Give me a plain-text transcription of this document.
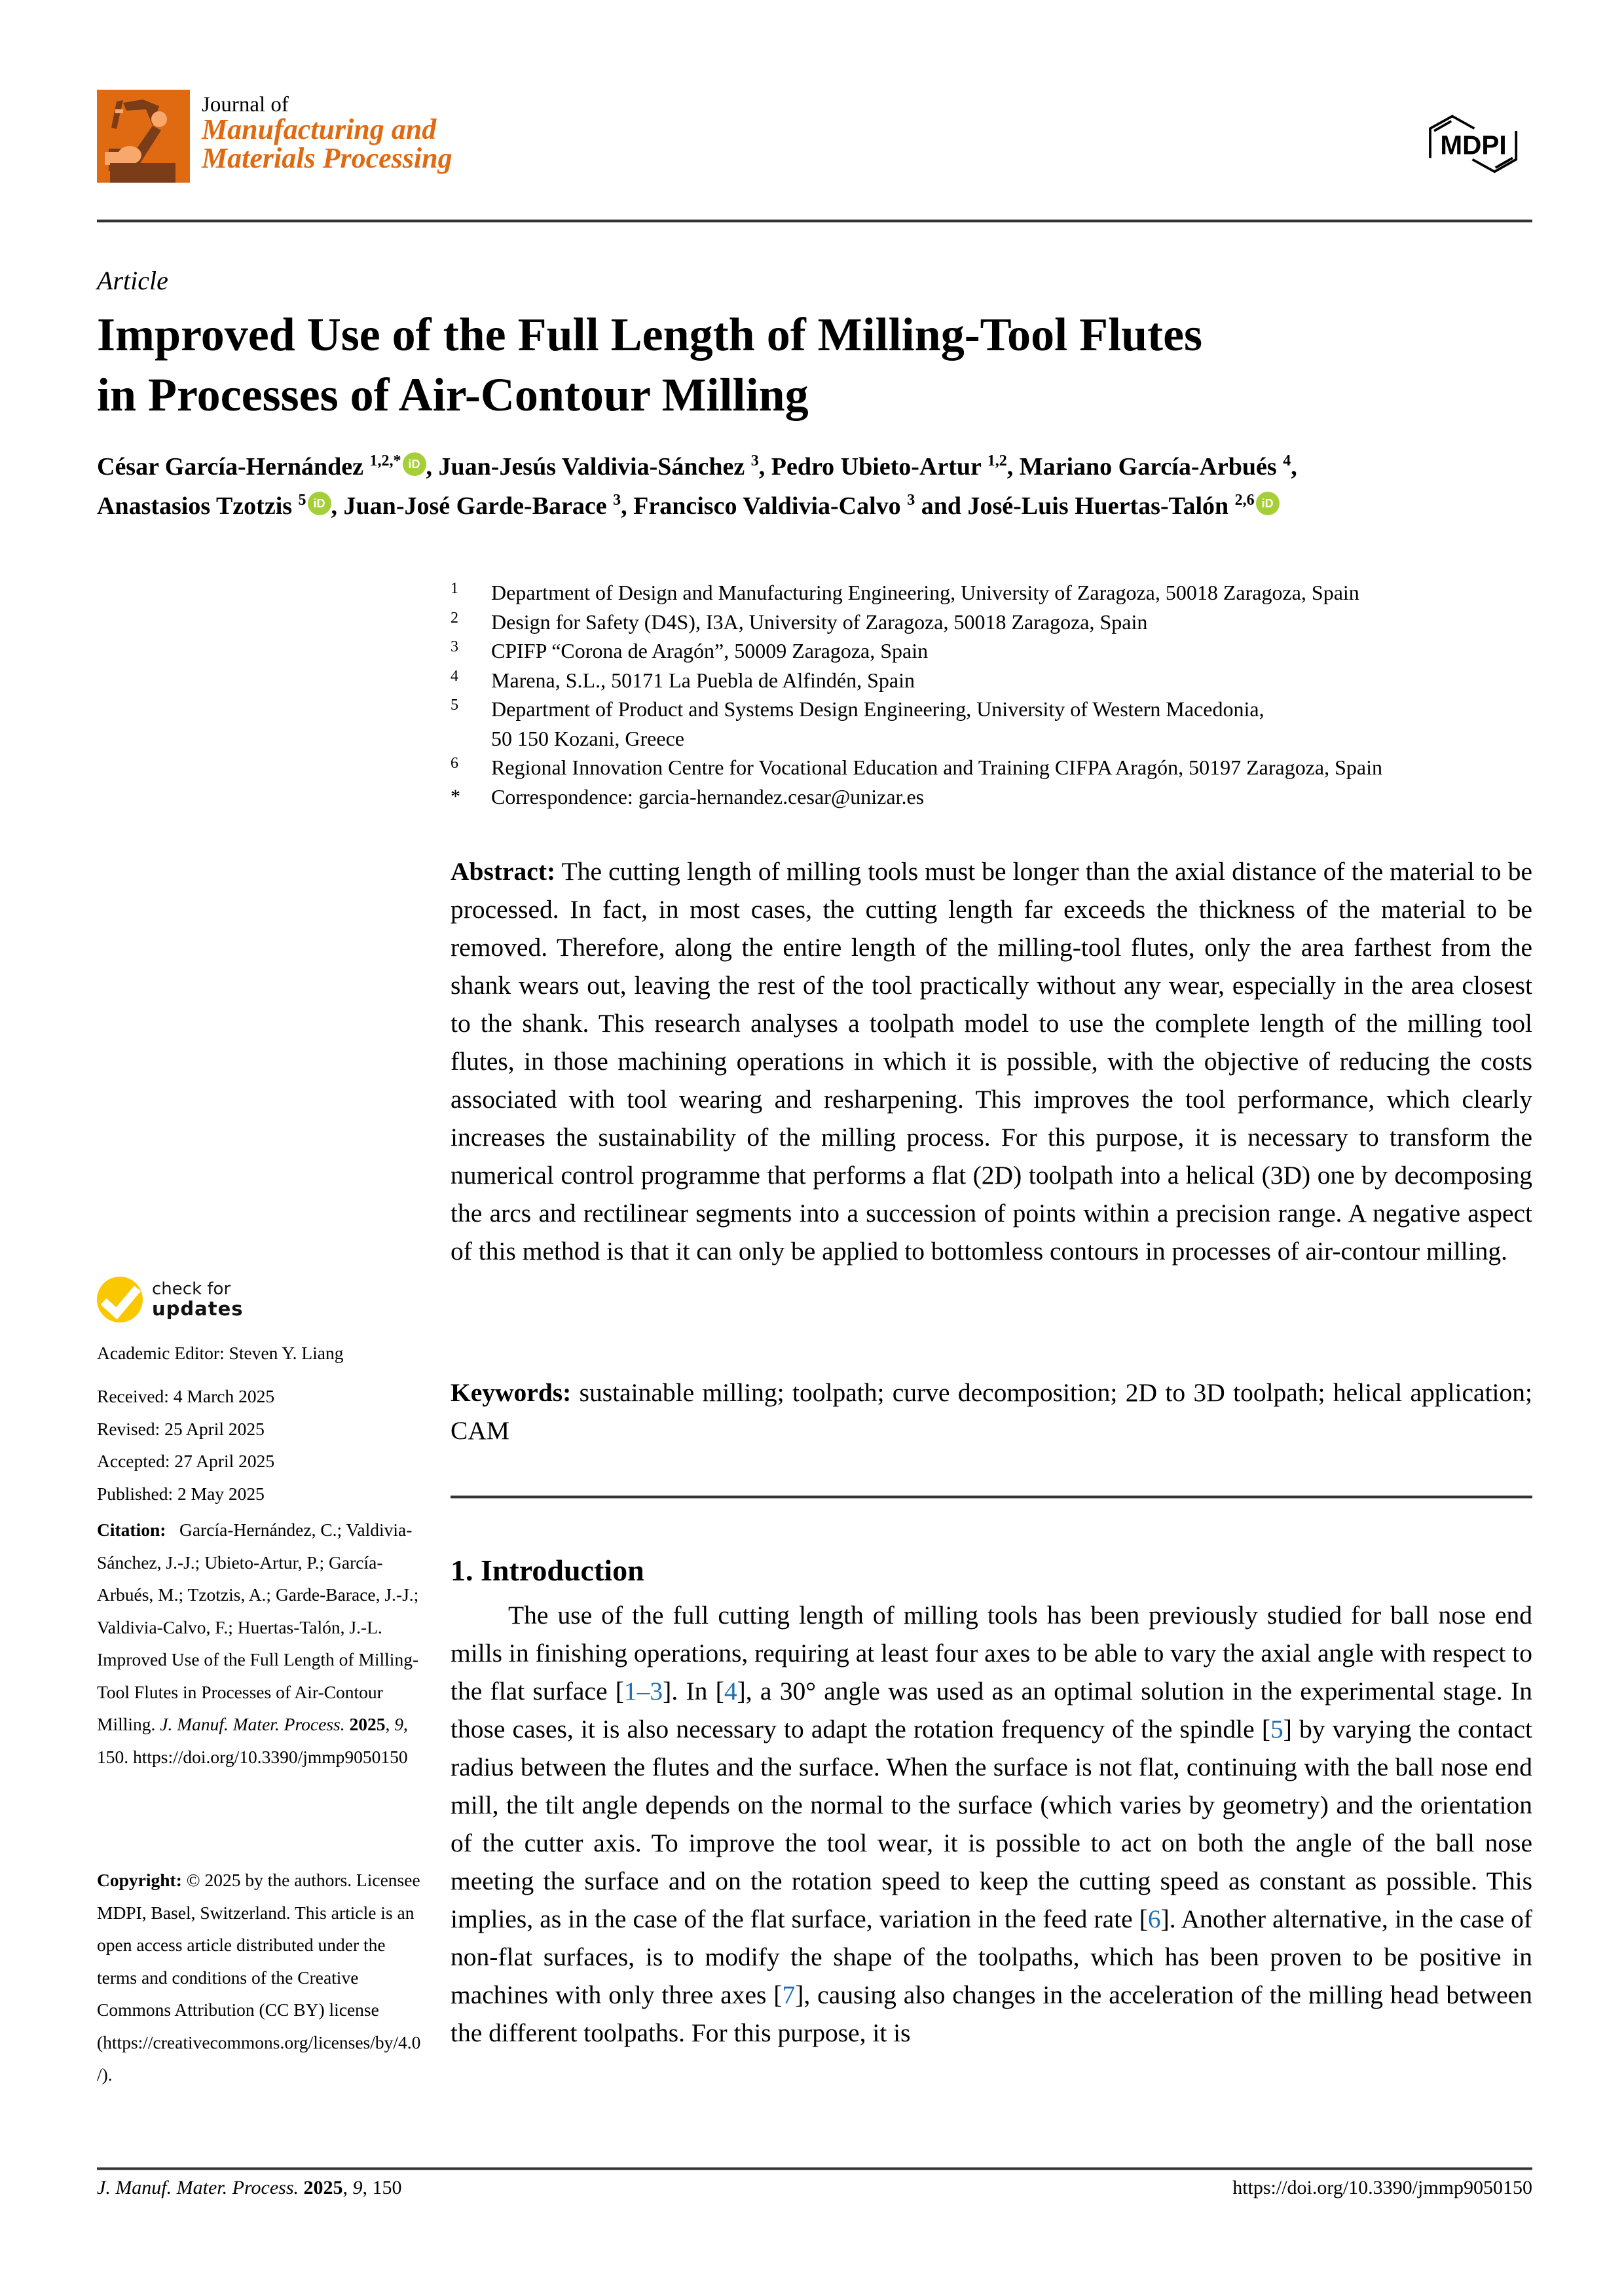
Journal of
Manufacturing and
Materials Processing	MDPI
Article
Improved Use of the Full Length of Milling-Tool Flutes
in Processes of Air-Contour Milling
César García-Hernández $^{1,2,*}$ iD , Juan-Jesús Valdivia-Sánchez $^3$, Pedro Ubieto-Artur $^{1,2}$, Mariano García-Arbués $^4$,
Anastasios Tzotzis $^5$ iD , Juan-José Garde-Barace $^3$, Francisco Valdivia-Calvo $^3$ and José-Luis Huertas-Talón $^{2,6}$ iD
1 Department of Design and Manufacturing Engineering, University of Zaragoza, 50018 Zaragoza, Spain
2 Design for Safety (D4S), I3A, University of Zaragoza, 50018 Zaragoza, Spain
3 CPIFP “Corona de Aragón”, 50009 Zaragoza, Spain
4 Marena, S.L., 50171 La Puebla de Alfindén, Spain
5 Department of Product and Systems Design Engineering, University of Western Macedonia,
50 150 Kozani, Greece
6 Regional Innovation Centre for Vocational Education and Training CIFPA Aragón, 50197 Zaragoza, Spain
* Correspondence: garcia-hernandez.cesar@unizar.es
Abstract: The cutting length of milling tools must be longer than the axial distance of the material to be processed. In fact, in most cases, the cutting length far exceeds the thickness of the material to be removed. Therefore, along the entire length of the milling-tool flutes, only the area farthest from the shank wears out, leaving the rest of the tool practically without any wear, especially in the area closest to the shank. This research analyses a toolpath model to use the complete length of the milling tool flutes, in those machining operations in which it is possible, with the objective of reducing the costs associated with tool wearing and resharpening. This improves the tool performance, which clearly increases the sustainability of the milling process. For this purpose, it is necessary to transform the numerical control programme that performs a flat (2D) toolpath into a helical (3D) one by decomposing the arcs and rectilinear segments into a succession of points within a precision range. A negative aspect of this method is that it can only be applied to bottomless contours in processes of air-contour milling.
Keywords: sustainable milling; toolpath; curve decomposition; 2D to 3D toolpath; helical application; CAM
check for
updates
Academic Editor: Steven Y. Liang
Received: 4 March 2025
Revised: 25 April 2025
Accepted: 27 April 2025
Published: 2 May 2025
Citation: García-Hernández, C.; Valdivia-Sánchez, J.-J.; Ubieto-Artur, P.; García-Arbués, M.; Tzotzis, A.; Garde-Barace, J.-J.; Valdivia-Calvo, F.; Huertas-Talón, J.-L. Improved Use of the Full Length of Milling-Tool Flutes in Processes of Air-Contour Milling. J. Manuf. Mater. Process. 2025, 9, 150. https://doi.org/10.3390/jmmp9050150
Copyright: © 2025 by the authors. Licensee MDPI, Basel, Switzerland. This article is an open access article distributed under the terms and conditions of the Creative Commons Attribution (CC BY) license (https://creativecommons.org/licenses/by/4.0/).
1. Introduction
The use of the full cutting length of milling tools has been previously studied for ball nose end mills in finishing operations, requiring at least four axes to be able to vary the axial angle with respect to the flat surface [1–3]. In [4], a 30° angle was used as an optimal solution in the experimental stage. In those cases, it is also necessary to adapt the rotation frequency of the spindle [5] by varying the contact radius between the flutes and the surface. When the surface is not flat, continuing with the ball nose end mill, the tilt angle depends on the normal to the surface (which varies by geometry) and the orientation of the cutter axis. To improve the tool wear, it is possible to act on both the angle of the ball nose meeting the surface and on the rotation speed to keep the cutting speed as constant as possible. This implies, as in the case of the flat surface, variation in the feed rate [6]. Another alternative, in the case of non-flat surfaces, is to modify the shape of the toolpaths, which has been proven to be positive in machines with only three axes [7], causing also changes in the acceleration of the milling head between the different toolpaths. For this purpose, it is
J. Manuf. Mater. Process. 2025, 9, 150	https://doi.org/10.3390/jmmp9050150
